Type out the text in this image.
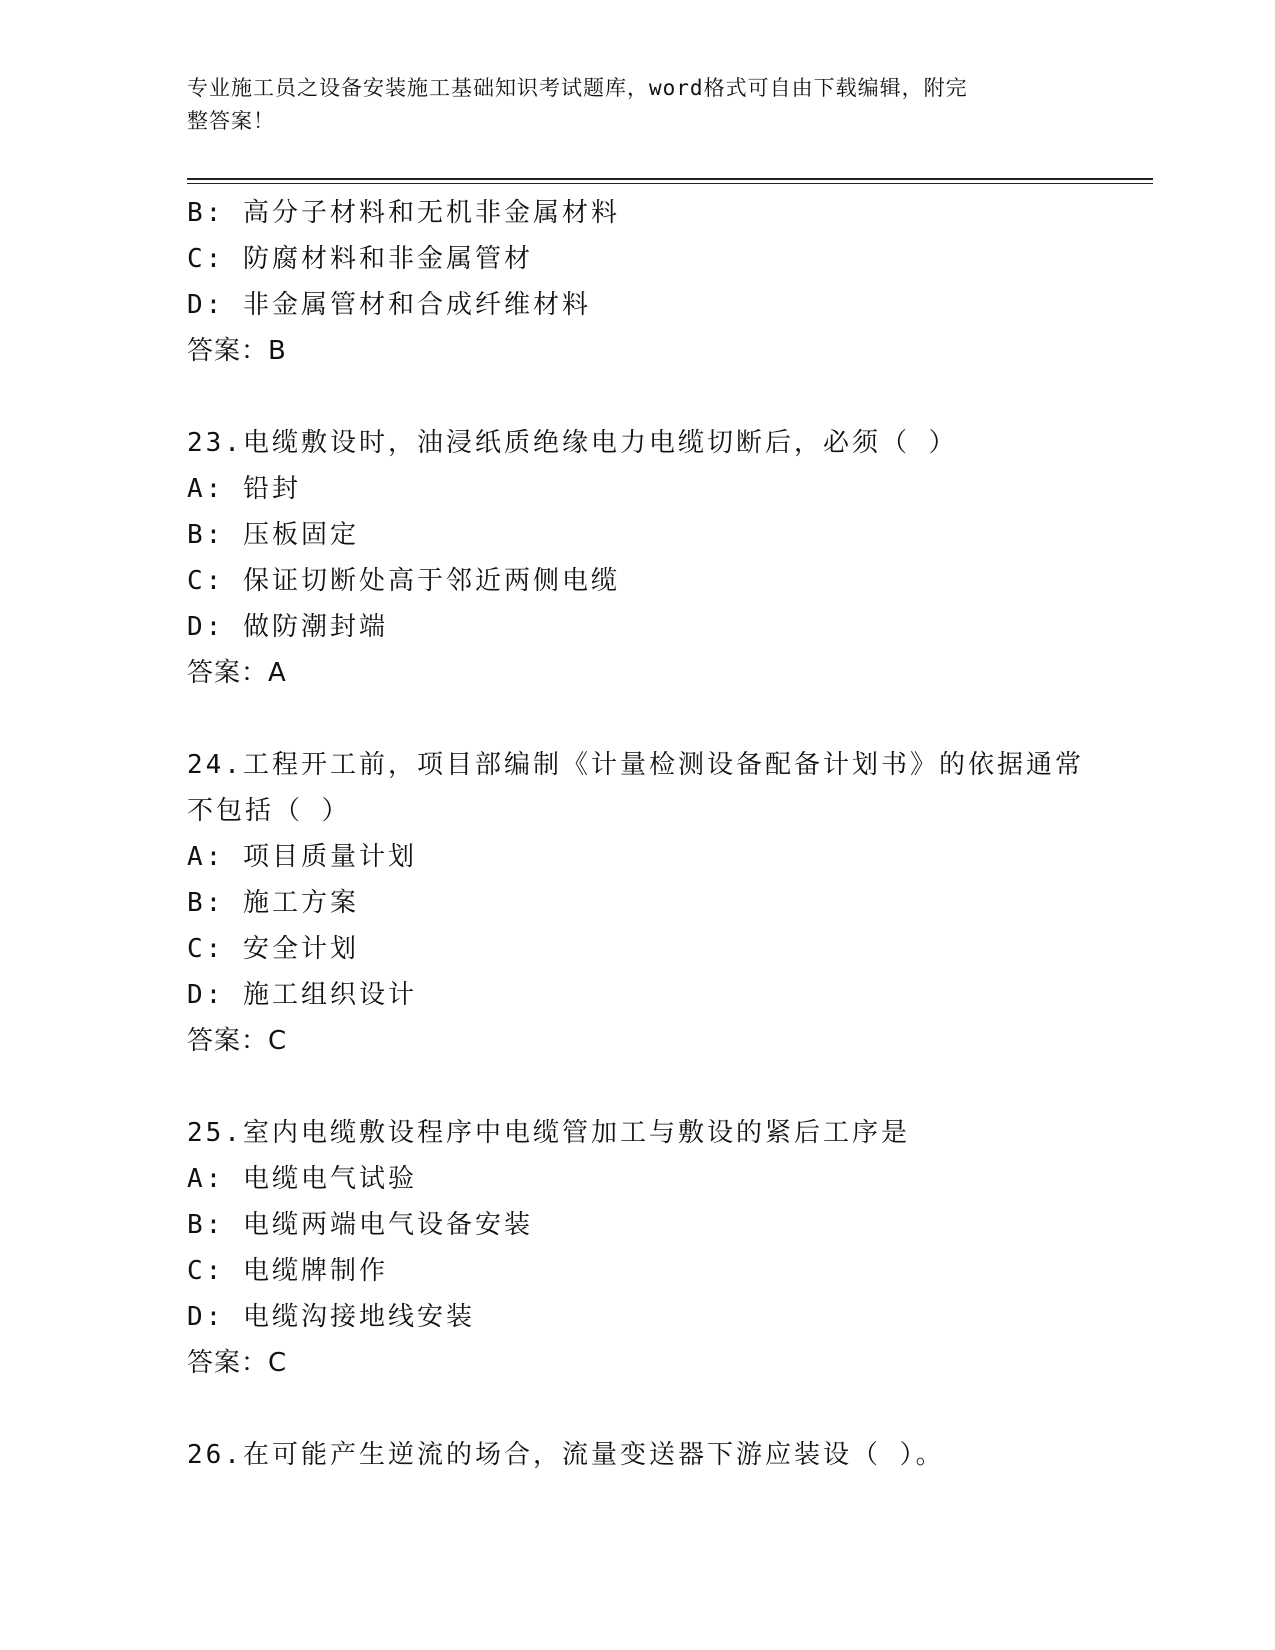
专业施工员之设备安装施工基础知识考试题库，word格式可自由下载编辑，附完
整答案！
B: 高分子材料和无机非金属材料
C: 防腐材料和非金属管材
D: 非金属管材和合成纤维材料
答案：B
23.电缆敷设时，油浸纸质绝缘电力电缆切断后，必须（ ）
A: 铅封
B: 压板固定
C: 保证切断处高于邻近两侧电缆
D: 做防潮封端
答案：A
24.工程开工前，项目部编制《计量检测设备配备计划书》的依据通常
不包括（ ）
A: 项目质量计划
B: 施工方案
C: 安全计划
D: 施工组织设计
答案：C
25.室内电缆敷设程序中电缆管加工与敷设的紧后工序是
A: 电缆电气试验
B: 电缆两端电气设备安装
C: 电缆牌制作
D: 电缆沟接地线安装
答案：C
26.在可能产生逆流的场合，流量变送器下游应装设（ ）。
